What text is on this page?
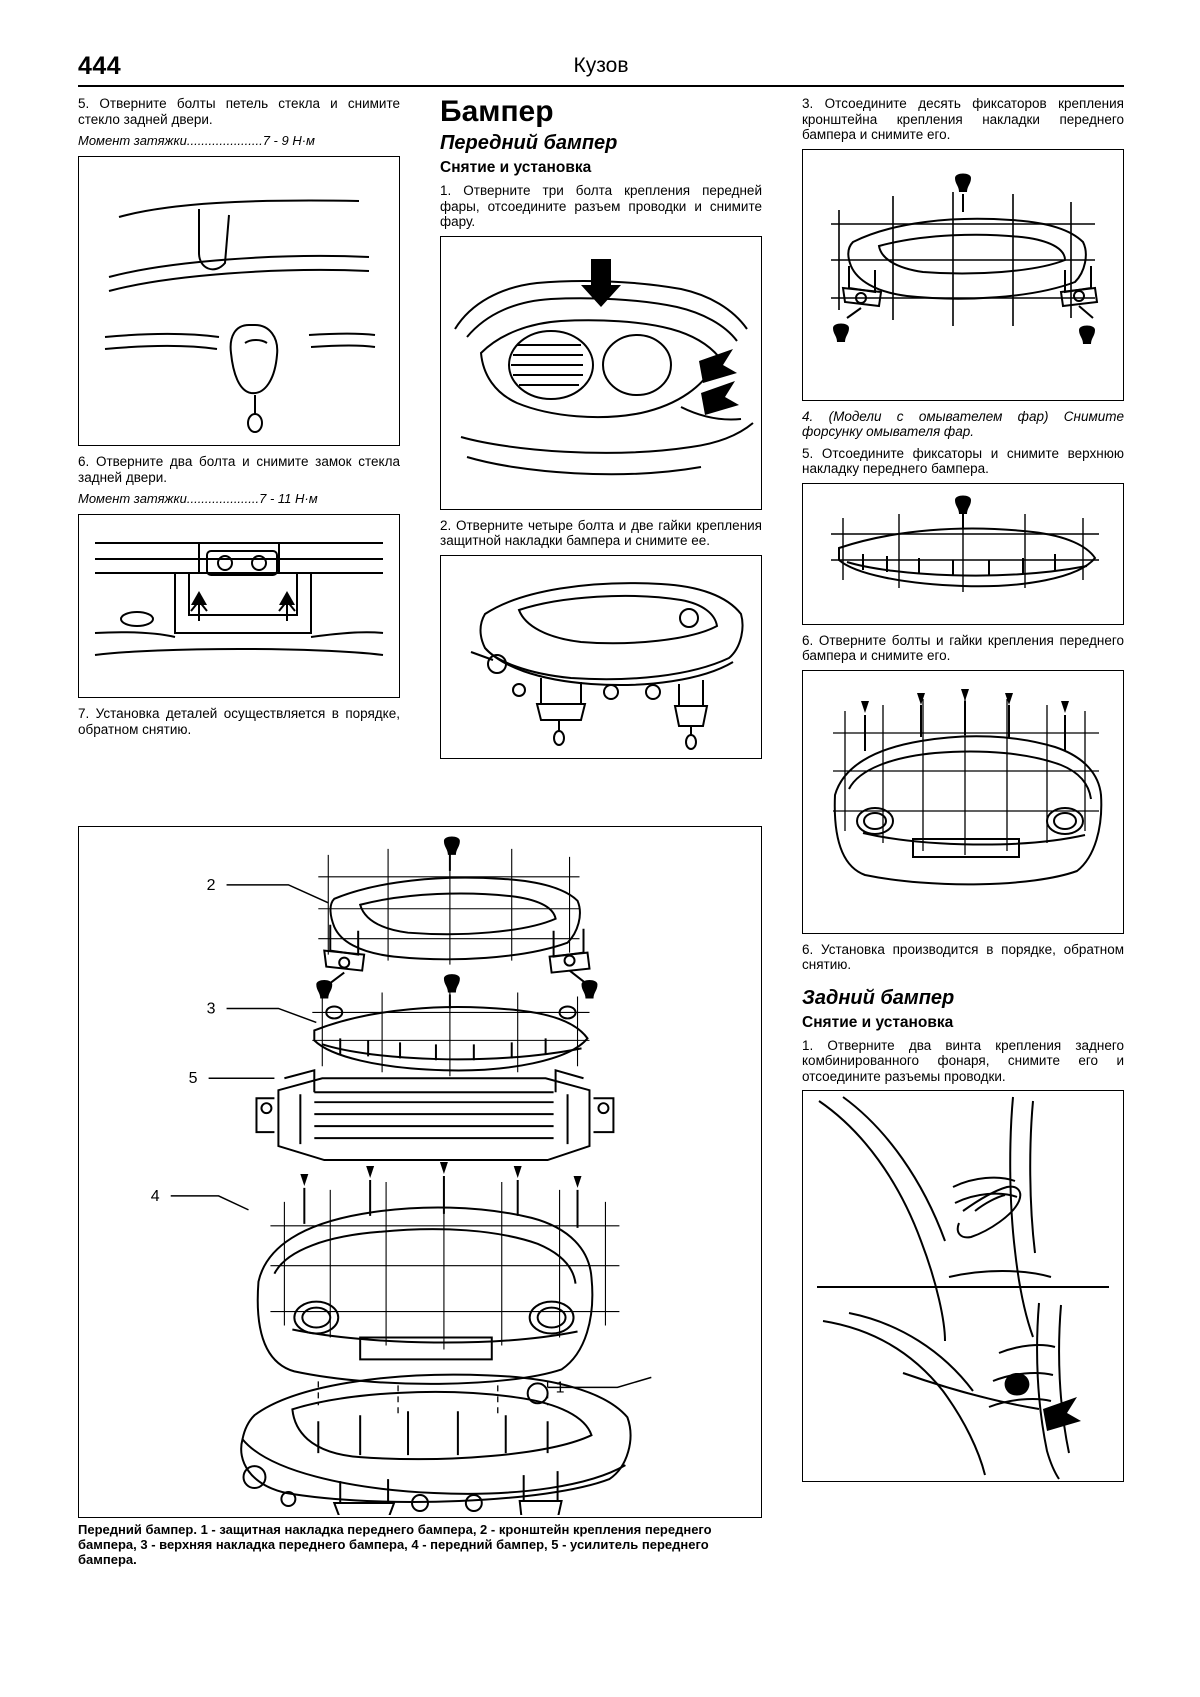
444	Кузов

5. Отверните болты петель стекла и снимите стекло задней двери.

Момент затяжки.....................7 - 9 Н·м

6. Отверните два болта и снимите замок стекла задней двери.

Момент затяжки....................7 - 11 Н·м

7. Установка деталей осуществляется в порядке, обратном снятию.

Бампер
Передний бампер
Снятие и установка

1. Отверните три болта крепления передней фары, отсоедините разъем проводки и снимите фару.

2. Отверните четыре болта и две гайки крепления защитной накладки бампера и снимите ее.

3. Отсоедините десять фиксаторов крепления кронштейна крепления накладки переднего бампера и снимите его.

4. (Модели с омывателем фар) Снимите форсунку омывателя фар.

5. Отсоедините фиксаторы и снимите верхнюю накладку переднего бампера.

6. Отверните болты и гайки крепления переднего бампера и снимите его.

6. Установка производится в порядке, обратном снятию.

Задний бампер
Снятие и установка

1. Отверните два винта крепления заднего комбинированного фонаря, снимите его и отсоедините разъемы проводки.

2
3
5
4
1
Передний бампер. 1 - защитная накладка переднего бампера, 2 - кронштейн крепления переднего бампера, 3 - верхняя накладка переднего бампера, 4 - передний бампер, 5 - усилитель переднего бампера.
